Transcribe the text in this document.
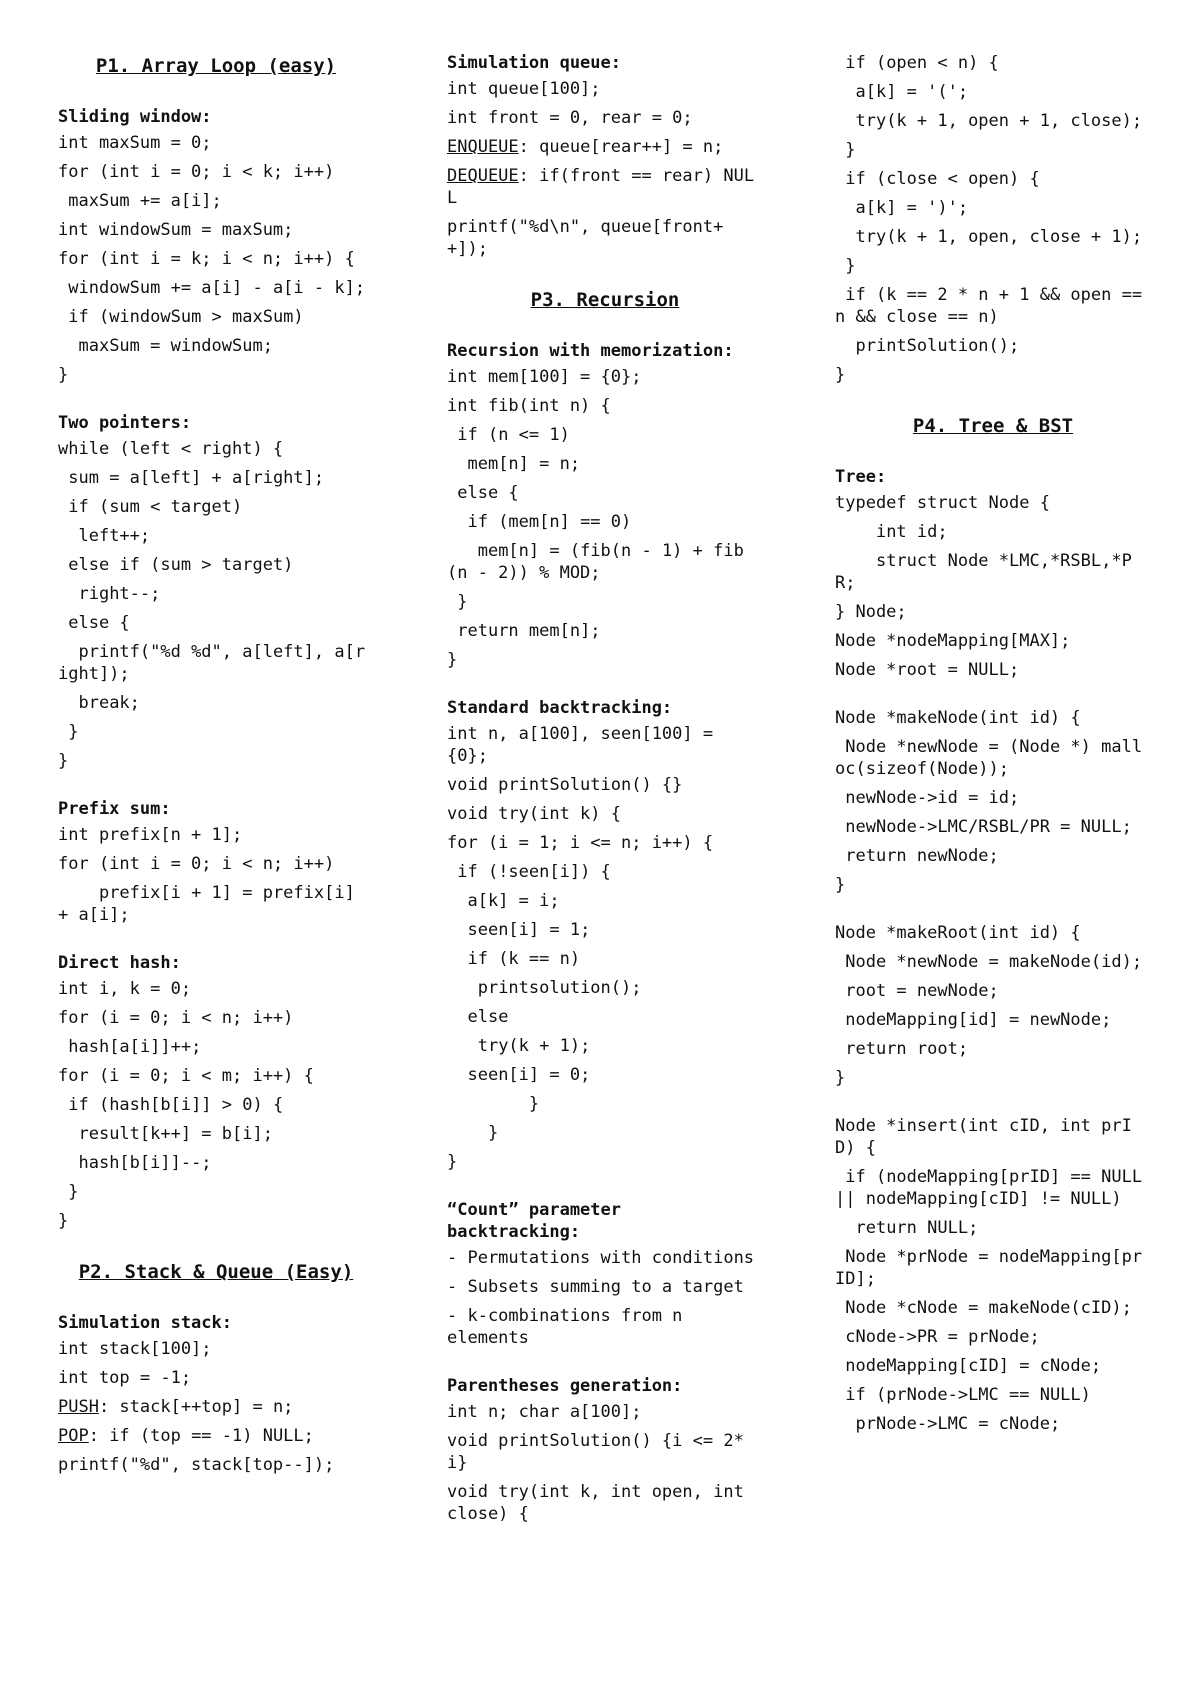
P1. Array Loop (easy)
Sliding window:
int maxSum = 0;
for (int i = 0; i < k; i++)
maxSum += a[i];
int windowSum = maxSum;
for (int i = k; i < n; i++) {
windowSum += a[i] - a[i - k];
if (windowSum > maxSum)
maxSum = windowSum;
}
Two pointers:
while (left < right) {
sum = a[left] + a[right];
if (sum < target)
left++;
else if (sum > target)
right--;
else {
printf("%d %d", a[left], a[right]);
break;
}
}
Prefix sum:
int prefix[n + 1];
for (int i = 0; i < n; i++)
prefix[i + 1] = prefix[i] + a[i];
Direct hash:
int i, k = 0;
for (i = 0; i < n; i++)
hash[a[i]]++;
for (i = 0; i < m; i++) {
if (hash[b[i]] > 0) {
result[k++] = b[i];
hash[b[i]]--;
}
}
P2. Stack & Queue (Easy)
Simulation stack:
int stack[100];
int top = -1;
PUSH: stack[++top] = n;
POP: if (top == -1) NULL;
printf("%d", stack[top--]);
Simulation queue:
int queue[100];
int front = 0, rear = 0;
ENQUEUE: queue[rear++] = n;
DEQUEUE: if(front == rear) NULL
printf("%d\n", queue[front++]);
P3. Recursion
Recursion with memorization:
int mem[100] = {0};
int fib(int n) {
if (n <= 1)
mem[n] = n;
else {
if (mem[n] == 0)
mem[n] = (fib(n - 1) + fib(n - 2)) % MOD;
}
return mem[n];
}
Standard backtracking:
int n, a[100], seen[100] = {0};
void printSolution() {}
void try(int k) {
for (i = 1; i <= n; i++) {
if (!seen[i]) {
a[k] = i;
seen[i] = 1;
if (k == n)
printsolution();
else
try(k + 1);
seen[i] = 0;
}
}
}
“Count” parameter backtracking:
- Permutations with conditions
- Subsets summing to a target
- k-combinations from n elements
Parentheses generation:
int n; char a[100];
void printSolution() {i <= 2*i}
void try(int k, int open, int close) {
if (open < n) {
a[k] = '(';
try(k + 1, open + 1, close);
}
if (close < open) {
a[k] = ')';
try(k + 1, open, close + 1);
}
if (k == 2 * n + 1 && open == n && close == n)
printSolution();
}
P4. Tree & BST
Tree:
typedef struct Node {
int id;
struct Node *LMC,*RSBL,*PR;
} Node;
Node *nodeMapping[MAX];
Node *root = NULL;
Node *makeNode(int id) {
Node *newNode = (Node *) malloc(sizeof(Node));
newNode->id = id;
newNode->LMC/RSBL/PR = NULL;
return newNode;
}
Node *makeRoot(int id) {
Node *newNode = makeNode(id);
root = newNode;
nodeMapping[id] = newNode;
return root;
}
Node *insert(int cID, int prID) {
if (nodeMapping[prID] == NULL || nodeMapping[cID] != NULL)
return NULL;
Node *prNode = nodeMapping[prID];
Node *cNode = makeNode(cID);
cNode->PR = prNode;
nodeMapping[cID] = cNode;
if (prNode->LMC == NULL)
prNode->LMC = cNode;
